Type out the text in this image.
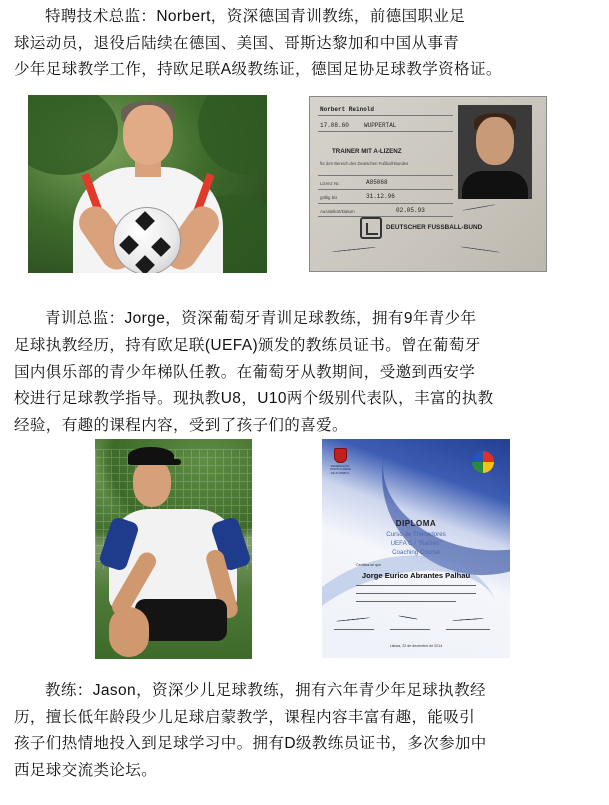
特聘技术总监：Norbert，资深德国青训教练，前德国职业足
球运动员，退役后陆续在德国、美国、哥斯达黎加和中国从事青
少年足球教学工作，持欧足联A级教练证，德国足协足球教学资格证。
Norbert Reinold
17.08.60	WUPPERTAL
TRAINER MIT A-LIZENZ
für den Bereich des Deutschen Fußball-Bundes
Lizenz Nr.	A85068
gültig bis	31.12.96
Ausstellort/Datum	02.05.93
DEUTSCHER FUSSBALL-BUND
青训总监：Jorge，资深葡萄牙青训足球教练，拥有9年青少年
足球执教经历，持有欧足联(UEFA)颁发的教练员证书。曾在葡萄牙
国内俱乐部的青少年梯队任教。在葡萄牙从教期间，受邀到西安学
校进行足球教学指导。现执教U8，U10两个级别代表队，丰富的执教
经验，有趣的课程内容，受到了孩子们的喜爱。
FEDERAÇÃO PORTUGUESA DE FUTEBOL
DIPLOMA
Curso de Treinadores
UEFA C / "Raízes"
Coaching Course
Certifica-se que
Jorge Eurico Abrantes Palhau
Lisboa, 22 de dezembro de 2014
教练：Jason，资深少儿足球教练，拥有六年青少年足球执教经
历，擅长低年龄段少儿足球启蒙教学，课程内容丰富有趣，能吸引
孩子们热情地投入到足球学习中。拥有D级教练员证书，多次参加中
西足球交流类论坛。
